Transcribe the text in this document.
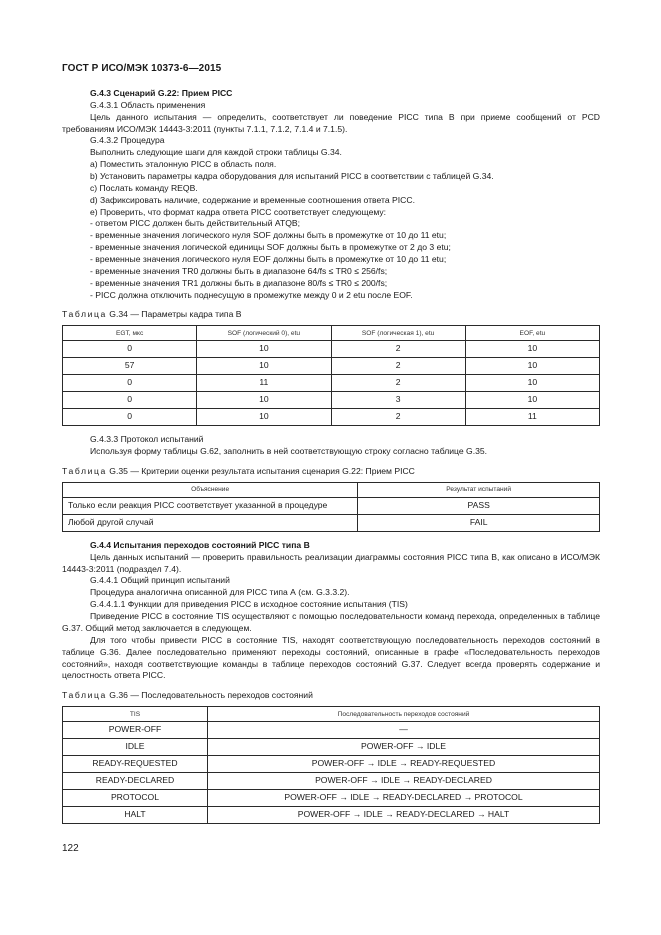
ГОСТ Р ИСО/МЭК 10373-6—2015

G.4.3 Сценарий G.22: Прием PICC

G.4.3.1 Область применения

Цель данного испытания — определить, соответствует ли поведение PICC типа В при приеме сообщений от PCD требованиям ИСО/МЭК 14443-3:2011 (пункты 7.1.1, 7.1.2, 7.1.4 и 7.1.5).

G.4.3.2 Процедура

Выполнить следующие шаги для каждой строки таблицы G.34.

a) Поместить эталонную PICC в область поля.

b) Установить параметры кадра оборудования для испытаний PICC в соответствии с таблицей G.34.

c) Послать команду REQB.

d) Зафиксировать наличие, содержание и временные соотношения ответа PICC.

e) Проверить, что формат кадра ответа PICC соответствует следующему:

- ответом PICC должен быть действительный ATQB;

- временные значения логического нуля SOF должны быть в промежутке от 10 до 11 etu;

- временные значения логической единицы SOF должны быть в промежутке от 2 до 3 etu;

- временные значения логического нуля EOF должны быть в промежутке от 10 до 11 etu;

- временные значения TR0 должны быть в диапазоне 64/fs ≤ TR0 ≤ 256/fs;

- временные значения TR1 должны быть в диапазоне 80/fs ≤ TR0 ≤ 200/fs;

- PICC должна отключить поднесущую в промежутке между 0 и 2 etu после EOF.

Таблица G.34 — Параметры кадра типа В

EGT, мкс	SOF (логический 0), etu	SOF (логическая 1), etu	EOF, etu
0	10	2	10
57	10	2	10
0	11	2	10
0	10	3	10
0	10	2	11

G.4.3.3 Протокол испытаний

Используя форму таблицы G.62, заполнить в ней соответствующую строку согласно таблице G.35.

Таблица G.35 — Критерии оценки результата испытания сценария G.22: Прием PICC

Объяснение	Результат испытаний
Только если реакция PICC соответствует указанной в процедуре	PASS
Любой другой случай	FAIL

G.4.4 Испытания переходов состояний PICC типа В

Цель данных испытаний — проверить правильность реализации диаграммы состояния PICC типа В, как описано в ИСО/МЭК 14443-3:2011 (подраздел 7.4).

G.4.4.1 Общий принцип испытаний

Процедура аналогична описанной для PICC типа А (см. G.3.3.2).

G.4.4.1.1 Функции для приведения PICC в исходное состояние испытания (TIS)

Приведение PICC в состояние TIS осуществляют с помощью последовательности команд перехода, определенных в таблице G.37. Общий метод заключается в следующем.

Для того чтобы привести PICC в состояние TIS, находят соответствующую последовательность переходов состояний в таблице G.36. Далее последовательно применяют переходы состояний, описанные в графе «Последовательность переходов состояний», находя соответствующие команды в таблице переходов состояний G.37. Следует всегда проверять содержание и целостность ответа PICC.

Таблица G.36 — Последовательность переходов состояний

TIS	Последовательность переходов состояний
POWER-OFF	—
IDLE	POWER-OFF → IDLE
READY-REQUESTED	POWER-OFF → IDLE → READY-REQUESTED
READY-DECLARED	POWER-OFF → IDLE → READY-DECLARED
PROTOCOL	POWER-OFF → IDLE → READY-DECLARED → PROTOCOL
HALT	POWER-OFF → IDLE → READY-DECLARED → HALT
122
